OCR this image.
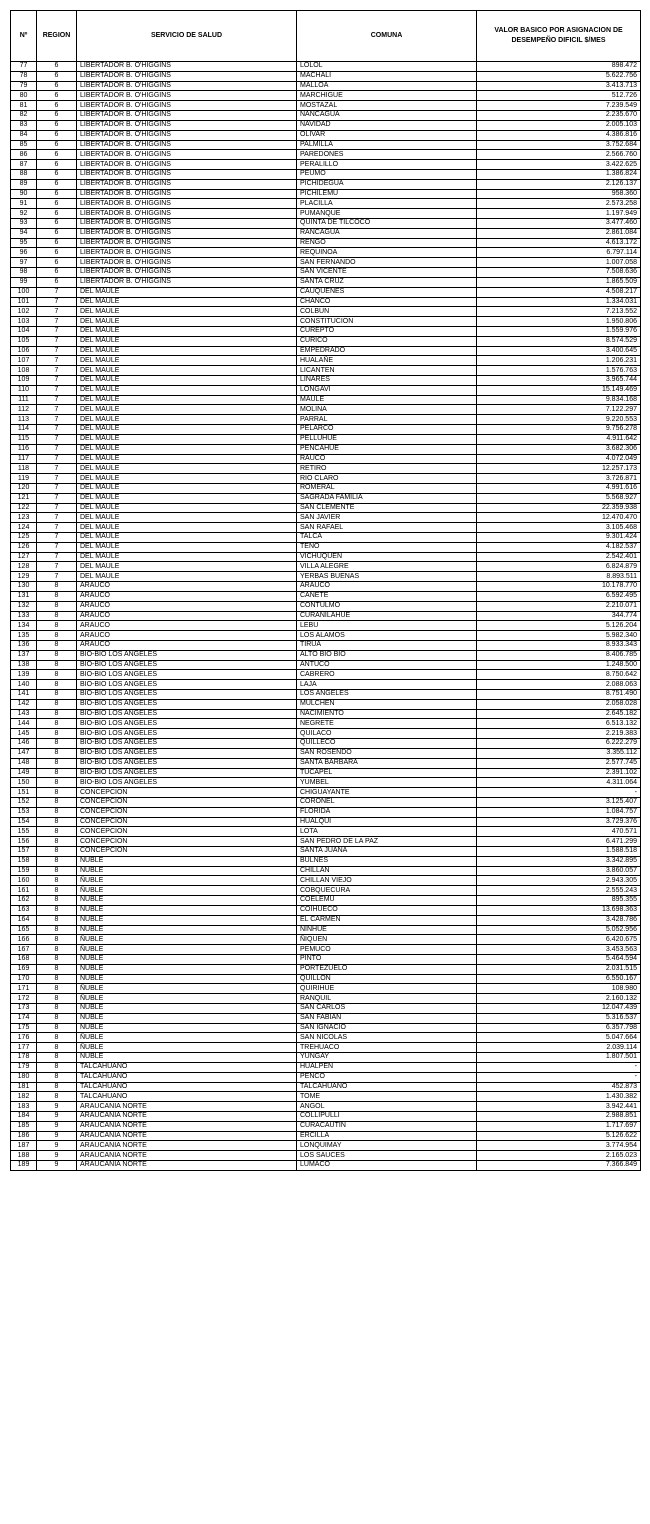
Nº	REGION	SERVICIO DE SALUD	COMUNA	VALOR BASICO POR ASIGNACION DE DESEMPEÑO DIFICIL $/MES
77	6	LIBERTADOR B. O'HIGGINS	LOLOL	898.472
78	6	LIBERTADOR B. O'HIGGINS	MACHALI	5.622.756
79	6	LIBERTADOR B. O'HIGGINS	MALLOA	3.413.713
80	6	LIBERTADOR B. O'HIGGINS	MARCHIGUE	512.726
81	6	LIBERTADOR B. O'HIGGINS	MOSTAZAL	7.239.549
82	6	LIBERTADOR B. O'HIGGINS	NANCAGUA	2.235.670
83	6	LIBERTADOR B. O'HIGGINS	NAVIDAD	2.005.103
84	6	LIBERTADOR B. O'HIGGINS	OLIVAR	4.386.816
85	6	LIBERTADOR B. O'HIGGINS	PALMILLA	3.752.684
86	6	LIBERTADOR B. O'HIGGINS	PAREDONES	2.566.760
87	6	LIBERTADOR B. O'HIGGINS	PERALILLO	3.422.625
88	6	LIBERTADOR B. O'HIGGINS	PEUMO	1.386.824
89	6	LIBERTADOR B. O'HIGGINS	PICHIDEGUA	2.126.137
90	6	LIBERTADOR B. O'HIGGINS	PICHILEMU	958.360
91	6	LIBERTADOR B. O'HIGGINS	PLACILLA	2.573.258
92	6	LIBERTADOR B. O'HIGGINS	PUMANQUE	1.197.949
93	6	LIBERTADOR B. O'HIGGINS	QUINTA DE TILCOCO	3.477.460
94	6	LIBERTADOR B. O'HIGGINS	RANCAGUA	2.861.084
95	6	LIBERTADOR B. O'HIGGINS	RENGO	4.613.172
96	6	LIBERTADOR B. O'HIGGINS	REQUINOA	6.797.114
97	6	LIBERTADOR B. O'HIGGINS	SAN FERNANDO	1.007.058
98	6	LIBERTADOR B. O'HIGGINS	SAN VICENTE	7.508.636
99	6	LIBERTADOR B. O'HIGGINS	SANTA CRUZ	1.865.509
100	7	DEL MAULE	CAUQUENES	4.508.217
101	7	DEL MAULE	CHANCO	1.334.031
102	7	DEL MAULE	COLBUN	7.213.552
103	7	DEL MAULE	CONSTITUCION	1.950.806
104	7	DEL MAULE	CUREPTO	1.559.976
105	7	DEL MAULE	CURICO	8.574.529
106	7	DEL MAULE	EMPEDRADO	3.400.645
107	7	DEL MAULE	HUALAÑE	1.206.231
108	7	DEL MAULE	LICANTEN	1.576.763
109	7	DEL MAULE	LINARES	3.965.744
110	7	DEL MAULE	LONGAVI	15.149.469
111	7	DEL MAULE	MAULE	9.834.168
112	7	DEL MAULE	MOLINA	7.122.297
113	7	DEL MAULE	PARRAL	9.220.553
114	7	DEL MAULE	PELARCO	9.756.278
115	7	DEL MAULE	PELLUHUE	4.911.642
116	7	DEL MAULE	PENCAHUE	3.682.306
117	7	DEL MAULE	RAUCO	4.072.049
118	7	DEL MAULE	RETIRO	12.257.173
119	7	DEL MAULE	RIO CLARO	3.726.871
120	7	DEL MAULE	ROMERAL	4.991.616
121	7	DEL MAULE	SAGRADA FAMILIA	5.568.927
122	7	DEL MAULE	SAN CLEMENTE	22.359.938
123	7	DEL MAULE	SAN JAVIER	12.470.470
124	7	DEL MAULE	SAN RAFAEL	3.105.468
125	7	DEL MAULE	TALCA	9.301.424
126	7	DEL MAULE	TENO	4.182.537
127	7	DEL MAULE	VICHUQUEN	2.542.401
128	7	DEL MAULE	VILLA ALEGRE	6.824.879
129	7	DEL MAULE	YERBAS BUENAS	8.893.511
130	8	ARAUCO	ARAUCO	10.178.770
131	8	ARAUCO	CAÑETE	6.592.495
132	8	ARAUCO	CONTULMO	2.210.071
133	8	ARAUCO	CURANILAHUE	344.774
134	8	ARAUCO	LEBU	5.126.204
135	8	ARAUCO	LOS ALAMOS	5.982.340
136	8	ARAUCO	TIRUA	8.933.343
137	8	BIO-BIO LOS ANGELES	ALTO BIO BIO	8.406.785
138	8	BIO-BIO LOS ANGELES	ANTUCO	1.248.500
139	8	BIO-BIO LOS ANGELES	CABRERO	8.750.642
140	8	BIO-BIO LOS ANGELES	LAJA	2.088.063
141	8	BIO-BIO LOS ANGELES	LOS ANGELES	8.751.490
142	8	BIO-BIO LOS ANGELES	MULCHEN	2.058.028
143	8	BIO-BIO LOS ANGELES	NACIMIENTO	2.645.182
144	8	BIO-BIO LOS ANGELES	NEGRETE	6.513.132
145	8	BIO-BIO LOS ANGELES	QUILACO	2.219.383
146	8	BIO-BIO LOS ANGELES	QUILLECO	6.222.279
147	8	BIO-BIO LOS ANGELES	SAN ROSENDO	3.355.112
148	8	BIO-BIO LOS ANGELES	SANTA BARBARA	2.577.745
149	8	BIO-BIO LOS ANGELES	TUCAPEL	2.391.102
150	8	BIO-BIO LOS ANGELES	YUMBEL	4.311.064
151	8	CONCEPCION	CHIGUAYANTE	-
152	8	CONCEPCION	CORONEL	3.125.407
153	8	CONCEPCION	FLORIDA	1.084.757
154	8	CONCEPCION	HUALQUI	3.729.376
155	8	CONCEPCION	LOTA	470.571
156	8	CONCEPCION	SAN PEDRO DE LA PAZ	6.471.299
157	8	CONCEPCION	SANTA JUANA	1.588.518
158	8	ÑUBLE	BULNES	3.342.895
159	8	ÑUBLE	CHILLAN	3.860.057
160	8	ÑUBLE	CHILLAN VIEJO	2.943.305
161	8	ÑUBLE	COBQUECURA	2.555.243
162	8	ÑUBLE	COELEMU	895.355
163	8	ÑUBLE	COIHUECO	13.698.363
164	8	ÑUBLE	EL CARMEN	3.428.786
165	8	ÑUBLE	NINHUE	5.052.956
166	8	ÑUBLE	ÑIQUEN	6.420.675
167	8	ÑUBLE	PEMUCO	3.453.563
168	8	ÑUBLE	PINTO	5.464.594
169	8	ÑUBLE	PORTEZUELO	2.031.515
170	8	ÑUBLE	QUILLON	6.550.167
171	8	ÑUBLE	QUIRIHUE	108.980
172	8	ÑUBLE	RANQUIL	2.160.132
173	8	ÑUBLE	SAN CARLOS	12.047.439
174	8	ÑUBLE	SAN FABIAN	5.316.537
175	8	ÑUBLE	SAN IGNACIO	6.357.798
176	8	ÑUBLE	SAN NICOLAS	5.047.664
177	8	ÑUBLE	TREHUACO	2.039.114
178	8	ÑUBLE	YUNGAY	1.807.501
179	8	TALCAHUANO	HUALPEN	-
180	8	TALCAHUANO	PENCO	-
181	8	TALCAHUANO	TALCAHUANO	452.873
182	8	TALCAHUANO	TOME	1.430.382
183	9	ARAUCANIA NORTE	ANGOL	3.942.441
184	9	ARAUCANIA NORTE	COLLIPULLI	2.988.851
185	9	ARAUCANIA NORTE	CURACAUTIN	1.717.697
186	9	ARAUCANIA NORTE	ERCILLA	5.126.622
187	9	ARAUCANIA NORTE	LONQUIMAY	3.774.954
188	9	ARAUCANIA NORTE	LOS SAUCES	2.165.023
189	9	ARAUCANIA NORTE	LUMACO	7.366.849
